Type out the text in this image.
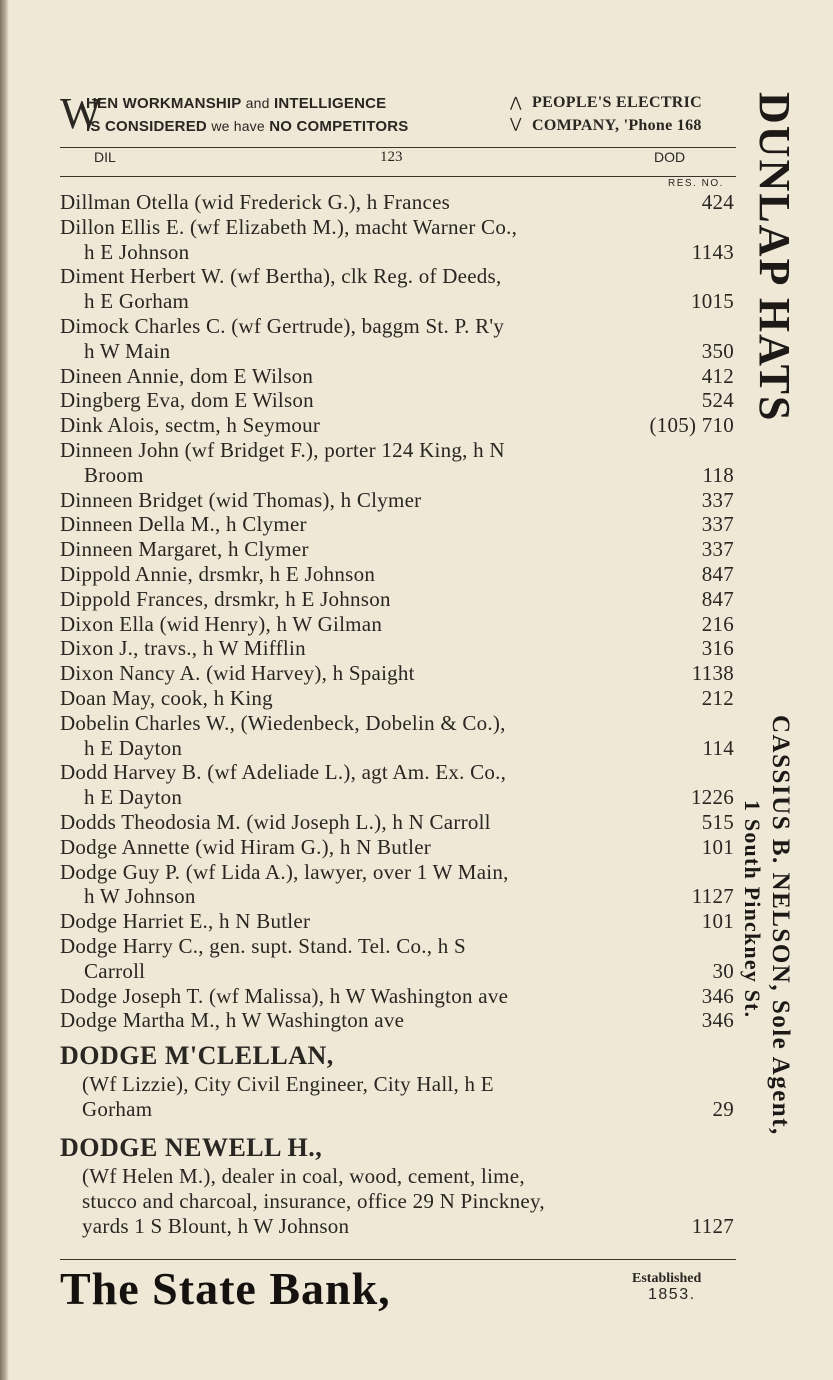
W
HEN WORKMANSHIP and INTELLIGENCE
IS CONSIDERED we have NO COMPETITORS
⋀
⋁
PEOPLE'S ELECTRIC
COMPANY, 'Phone 168
DIL	123	DOD
RES. NO.
Dillman Otella (wid Frederick G.), h Frances	424
Dillon Ellis E. (wf Elizabeth M.), macht Warner Co.,
h E Johnson	1143
Diment Herbert W. (wf Bertha), clk Reg. of Deeds,
h E Gorham	1015
Dimock Charles C. (wf Gertrude), baggm St. P. R'y
h W Main	350
Dineen Annie, dom E Wilson	412
Dingberg Eva, dom E Wilson	524
Dink Alois, sectm, h Seymour	(105) 710
Dinneen John (wf Bridget F.), porter 124 King, h N
Broom	118
Dinneen Bridget (wid Thomas), h Clymer	337
Dinneen Della M., h Clymer	337
Dinneen Margaret, h Clymer	337
Dippold Annie, drsmkr, h E Johnson	847
Dippold Frances, drsmkr, h E Johnson	847
Dixon Ella (wid Henry), h W Gilman	216
Dixon J., travs., h W Mifflin	316
Dixon Nancy A. (wid Harvey), h Spaight	1138
Doan May, cook, h King	212
Dobelin Charles W., (Wiedenbeck, Dobelin & Co.),
h E Dayton	114
Dodd Harvey B. (wf Adeliade L.), agt Am. Ex. Co.,
h E Dayton	1226
Dodds Theodosia M. (wid Joseph L.), h N Carroll	515
Dodge Annette (wid Hiram G.), h N Butler	101
Dodge Guy P. (wf Lida A.), lawyer, over 1 W Main,
h W Johnson	1127
Dodge Harriet E., h N Butler	101
Dodge Harry C., gen. supt. Stand. Tel. Co., h S
Carroll	30
Dodge Joseph T. (wf Malissa), h W Washington ave	346
Dodge Martha M., h W Washington ave	346
DODGE M'CLELLAN,
(Wf Lizzie), City Civil Engineer, City Hall, h E
Gorham	29
DODGE NEWELL H.,
(Wf Helen M.), dealer in coal, wood, cement, lime,
stucco and charcoal, insurance, office 29 N Pinckney,
yards 1 S Blount, h W Johnson	1127
DUNLAP HATS
CASSIUS B. NELSON, Sole Agent,
1 South Pinckney St.
The State Bank,	Established
1853.
